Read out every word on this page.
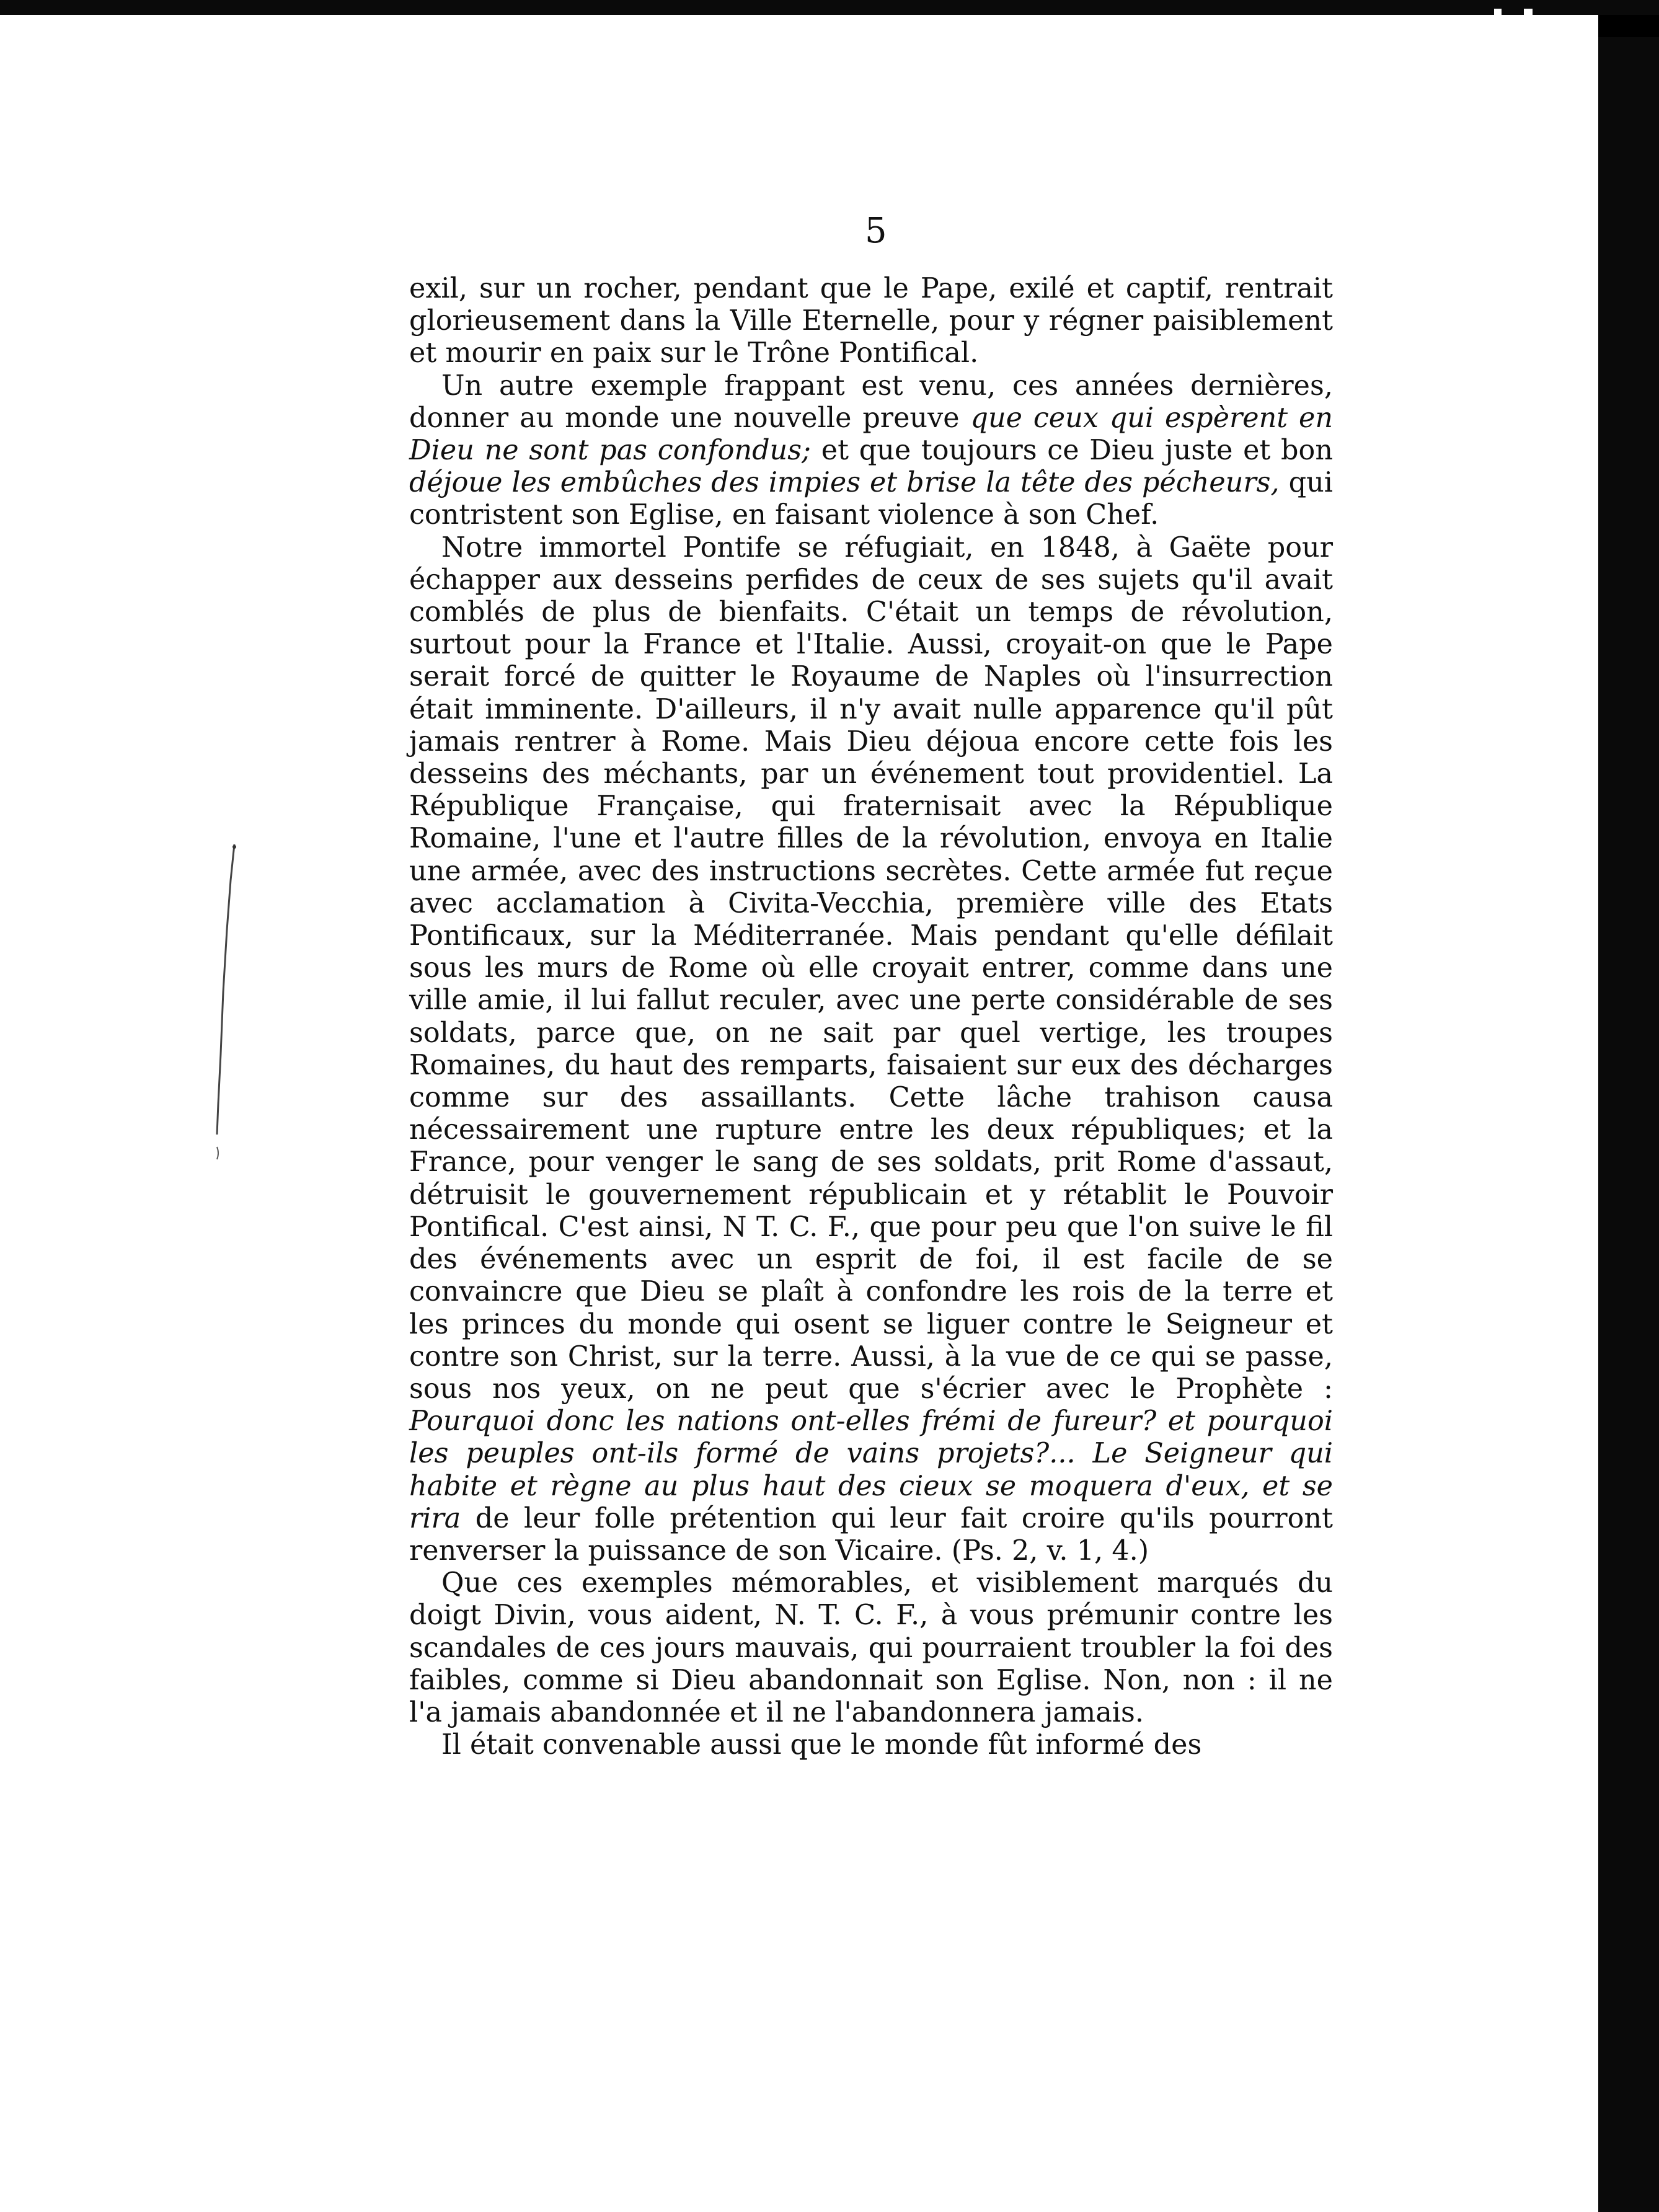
5

exil, sur un rocher, pendant que le Pape, exilé et captif, rentrait glorieusement dans la Ville Eternelle, pour y régner paisiblement et mourir en paix sur le Trône Pontifical.

Un autre exemple frappant est venu, ces années dernières, donner au monde une nouvelle preuve que ceux qui espèrent en Dieu ne sont pas confondus; et que toujours ce Dieu juste et bon déjoue les embûches des impies et brise la tête des pécheurs, qui contristent son Eglise, en faisant violence à son Chef.

Notre immortel Pontife se réfugiait, en 1848, à Gaëte pour échapper aux desseins perfides de ceux de ses sujets qu'il avait comblés de plus de bienfaits. C'était un temps de révolution, surtout pour la France et l'Italie. Aussi, croyait-on que le Pape serait forcé de quitter le Royaume de Naples où l'insurrection était imminente. D'ailleurs, il n'y avait nulle apparence qu'il pût jamais rentrer à Rome. Mais Dieu déjoua encore cette fois les desseins des méchants, par un événement tout providentiel. La République Française, qui fraternisait avec la République Romaine, l'une et l'autre filles de la révolution, envoya en Italie une armée, avec des instructions secrètes. Cette armée fut reçue avec acclamation à Civita-Vecchia, première ville des Etats Pontificaux, sur la Méditerranée. Mais pendant qu'elle défilait sous les murs de Rome où elle croyait entrer, comme dans une ville amie, il lui fallut reculer, avec une perte considérable de ses soldats, parce que, on ne sait par quel vertige, les troupes Romaines, du haut des remparts, faisaient sur eux des décharges comme sur des assaillants. Cette lâche trahison causa nécessairement une rupture entre les deux républiques; et la France, pour venger le sang de ses soldats, prit Rome d'assaut, détruisit le gouvernement républicain et y rétablit le Pouvoir Pontifical. C'est ainsi, N T. C. F., que pour peu que l'on suive le fil des événements avec un esprit de foi, il est facile de se convaincre que Dieu se plaît à confondre les rois de la terre et les princes du monde qui osent se liguer contre le Seigneur et contre son Christ, sur la terre. Aussi, à la vue de ce qui se passe, sous nos yeux, on ne peut que s'écrier avec le Prophète : Pourquoi donc les nations ont-elles frémi de fureur? et pourquoi les peuples ont-ils formé de vains projets?... Le Seigneur qui habite et règne au plus haut des cieux se moquera d'eux, et se rira de leur folle prétention qui leur fait croire qu'ils pourront renverser la puissance de son Vicaire. (Ps. 2, v. 1, 4.)

Que ces exemples mémorables, et visiblement marqués du doigt Divin, vous aident, N. T. C. F., à vous prémunir contre les scandales de ces jours mauvais, qui pourraient troubler la foi des faibles, comme si Dieu abandonnait son Eglise. Non, non : il ne l'a jamais abandonnée et il ne l'abandonnera jamais.

Il était convenable aussi que le monde fût informé des
